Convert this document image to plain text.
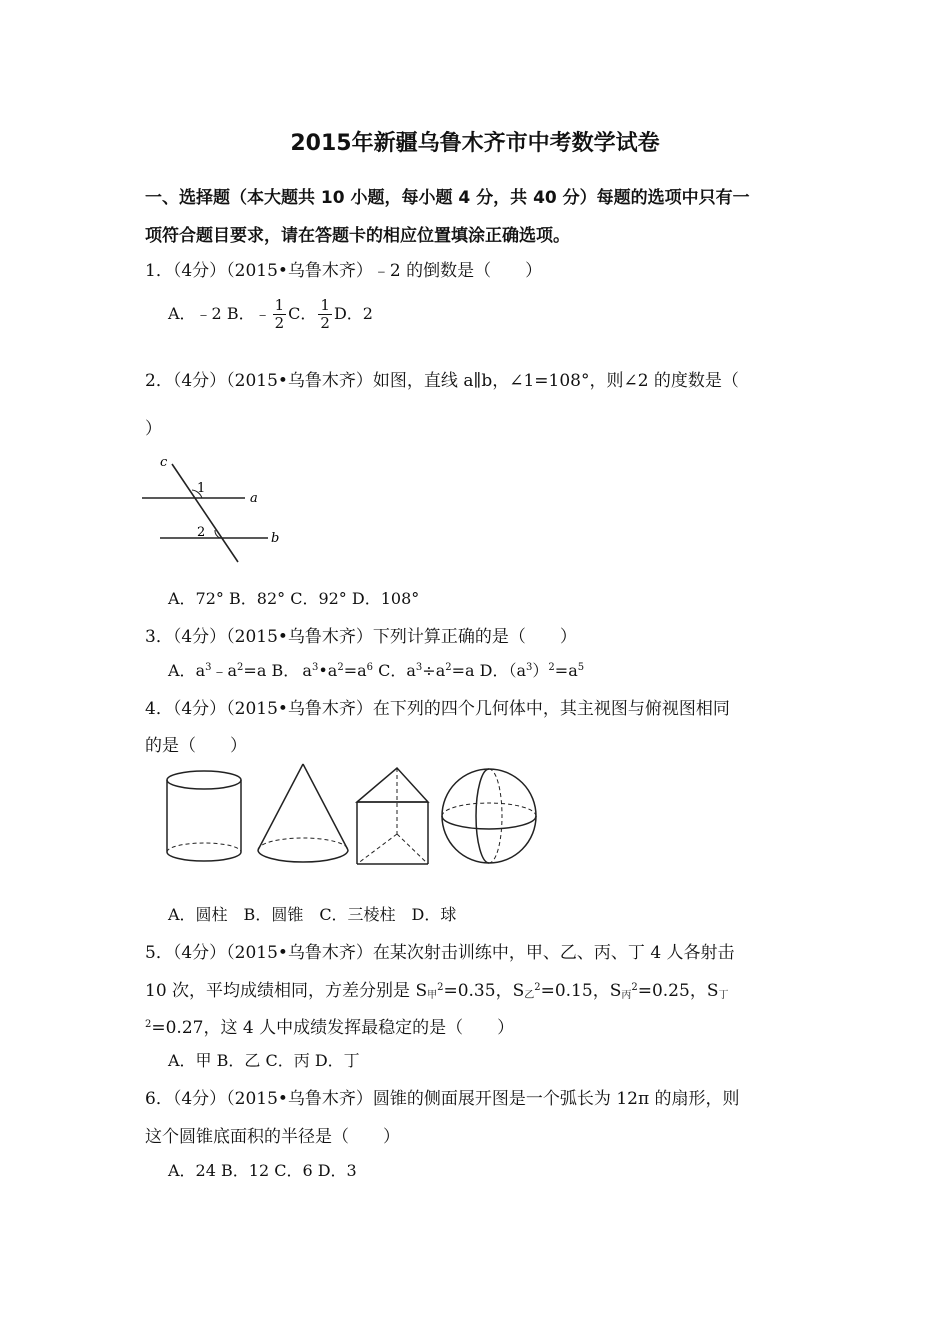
2015年新疆乌鲁木齐市中考数学试卷
一、选择题（本大题共 10 小题，每小题 4 分，共 40 分）每题的选项中只有一
项符合题目要求，请在答题卡的相应位置填涂正确选项。
1．（4分）（2015•乌鲁木齐）﹣2 的倒数是（　　）
A．﹣2 B．﹣ $\frac{1}{2}$ C． $\frac{1}{2}$ D．2
2．（4分）（2015•乌鲁木齐）如图，直线 a∥b，∠1=108°，则∠2 的度数是（
）
c
1
a
2	b
A．72° B．82° C．92° D．108°
3．（4分）（2015•乌鲁木齐）下列计算正确的是（　　）
A．$a^3﹣a^2=a$ B．  $a^3•a^2=a^6$ C．$a^3\div a^2=a$ D．$(a^3)^2=a^5$
4．（4分）（2015•乌鲁木齐）在下列的四个几何体中，其主视图与俯视图相同
的是（　　）
A．圆柱　B．圆锥　C．三棱柱　D．球
5．（4分）（2015•乌鲁木齐）在某次射击训练中，甲、乙、丙、丁 4 人各射击
10 次，平均成绩相同，方差分别是 $S_甲^2=0.35$，$S_乙^2=0.15$，$S_丙^2=0.25$，$S_丁$
$^2$=0.27，这 4 人中成绩发挥最稳定的是（　　）
A．甲 B．乙 C．丙 D．丁
6．（4分）（2015•乌鲁木齐）圆锥的侧面展开图是一个弧长为 12π 的扇形，则
这个圆锥底面积的半径是（　　）
A．24 B．12 C．6 D．3
